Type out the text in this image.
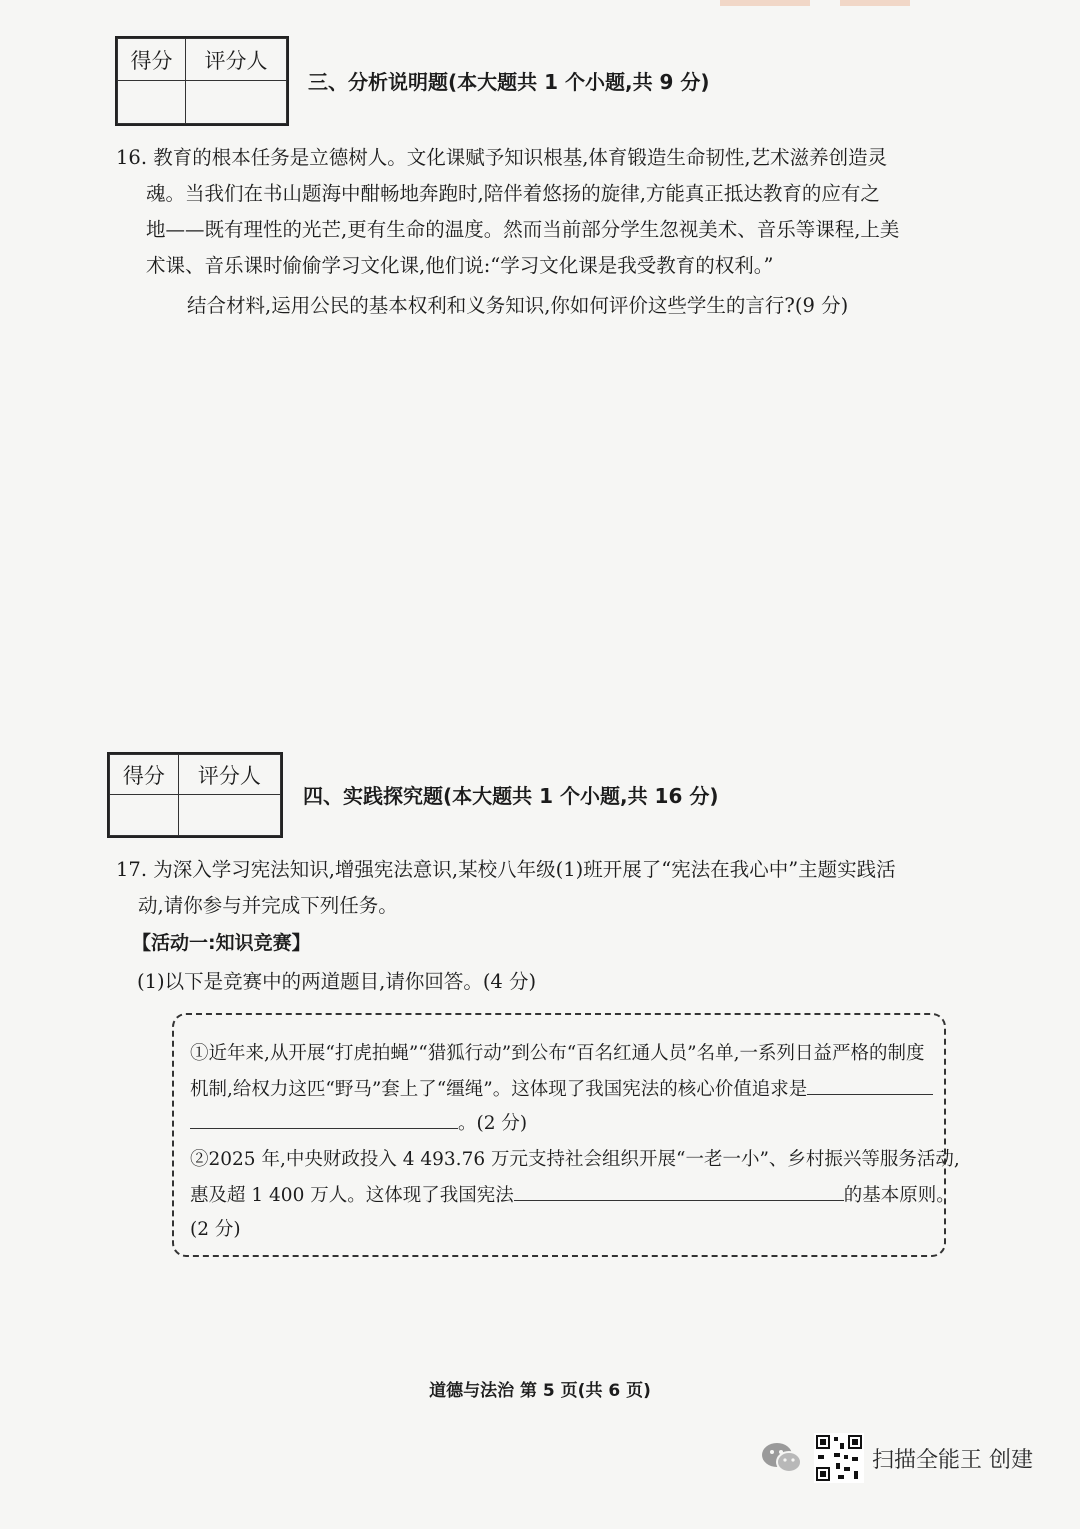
得分	评分人

三、分析说明题(本大题共 1 个小题,共 9 分)
16. 教育的根本任务是立德树人。文化课赋予知识根基,体育锻造生命韧性,艺术滋养创造灵
魂。当我们在书山题海中酣畅地奔跑时,陪伴着悠扬的旋律,方能真正抵达教育的应有之
地——既有理性的光芒,更有生命的温度。然而当前部分学生忽视美术、音乐等课程,上美
术课、音乐课时偷偷学习文化课,他们说:“学习文化课是我受教育的权利。”
结合材料,运用公民的基本权利和义务知识,你如何评价这些学生的言行?(9 分)
得分	评分人

四、实践探究题(本大题共 1 个小题,共 16 分)
17. 为深入学习宪法知识,增强宪法意识,某校八年级(1)班开展了“宪法在我心中”主题实践活
动,请你参与并完成下列任务。
【活动一:知识竞赛】
(1)以下是竞赛中的两道题目,请你回答。(4 分)
①近年来,从开展“打虎拍蝇”“猎狐行动”到公布“百名红通人员”名单,一系列日益严格的制度
机制,给权力这匹“野马”套上了“缰绳”。这体现了我国宪法的核心价值追求是
。(2 分)
②2025 年,中央财政投入 4 493.76 万元支持社会组织开展“一老一小”、乡村振兴等服务活动,
惠及超 1 400 万人。这体现了我国宪法	的基本原则。
(2 分)
道德与法治 第 5 页(共 6 页)
扫描全能王 创建
